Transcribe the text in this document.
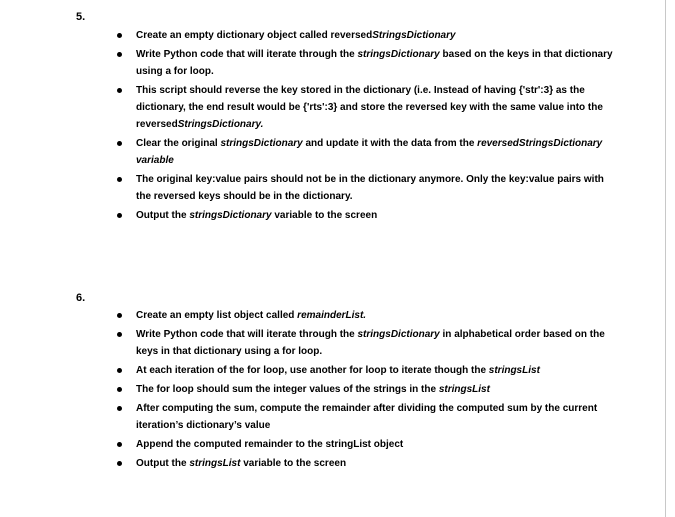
5.
Create an empty dictionary object called reversedStringsDictionary
Write Python code that will iterate through the stringsDictionary based on the keys in that dictionary using a for loop.
This script should reverse the key stored in the dictionary (i.e. Instead of having {'str':3} as the dictionary, the end result would be {'rts':3} and store the reversed key with the same value into the reversedStringsDictionary.
Clear the original stringsDictionary and update it with the data from the reversedStringsDictionary variable
The original key:value pairs should not be in the dictionary anymore. Only the key:value pairs with the reversed keys should be in the dictionary.
Output the stringsDictionary variable to the screen
6.
Create an empty list object called remainderList.
Write Python code that will iterate through the stringsDictionary in alphabetical order based on the keys in that dictionary using a for loop.
At each iteration of the for loop, use another for loop to iterate though the stringsList
The for loop should sum the integer values of the strings in the stringsList
After computing the sum, compute the remainder after dividing the computed sum by the current iteration’s dictionary’s value
Append the computed remainder to the stringList object
Output the stringsList variable to the screen
